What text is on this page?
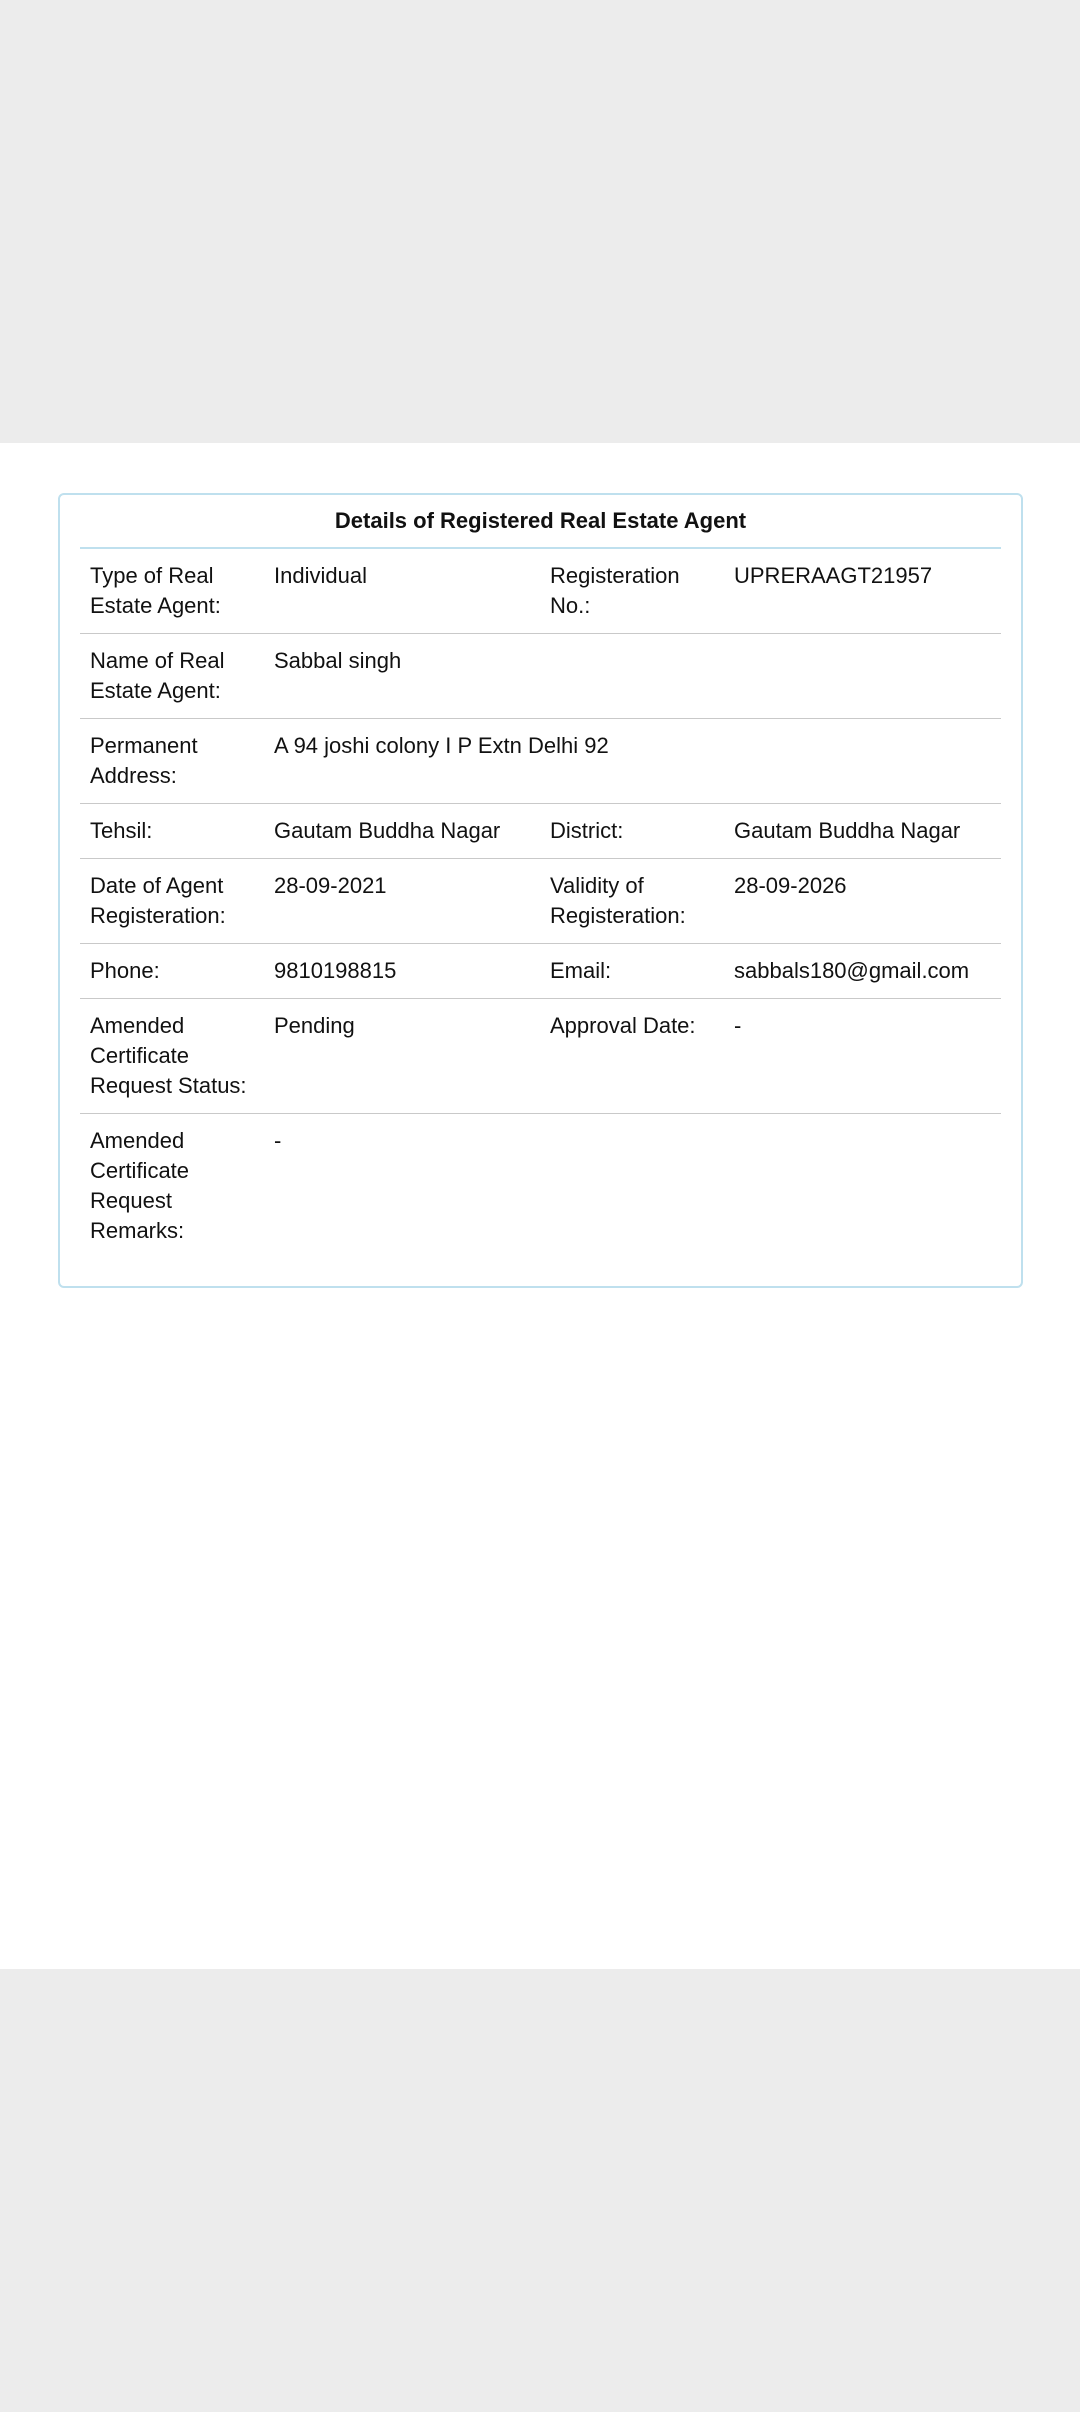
Details of Registered Real Estate Agent
Type of Real Estate Agent:	Individual	Registeration No.:	UPRERAAGT21957
Name of Real Estate Agent:	Sabbal singh		
Permanent Address:	A 94 joshi colony I P Extn Delhi 92		
Tehsil:	Gautam Buddha Nagar	District:	Gautam Buddha Nagar
Date of Agent Registeration:	28-09-2021	Validity of Registeration:	28-09-2026
Phone:	9810198815	Email:	sabbals180@gmail.com
Amended Certificate Request Status:	Pending	Approval Date:	-
Amended Certificate Request Remarks:	-		
